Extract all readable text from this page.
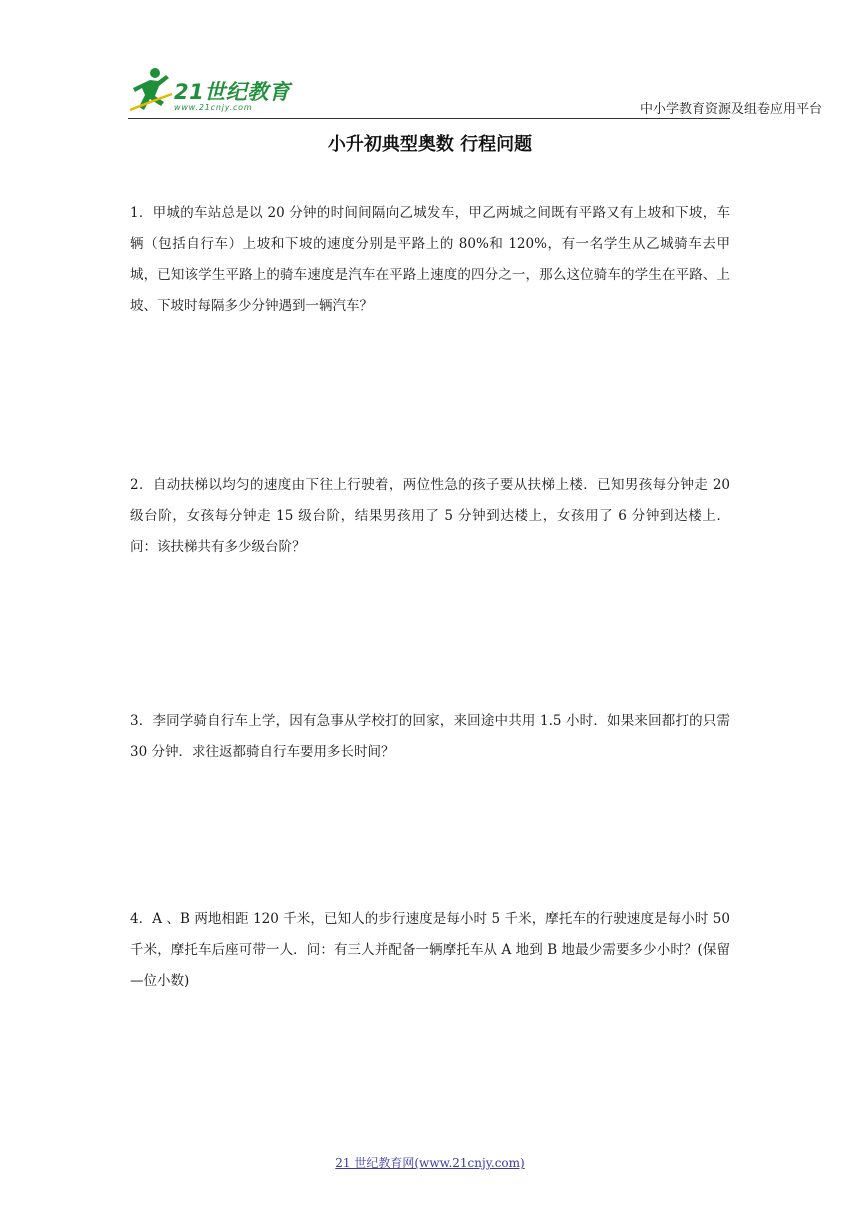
21世纪教育
www.21cnjy.com	中小学教育资源及组卷应用平台
小升初典型奥数 行程问题
1．甲城的车站总是以 20 分钟的时间间隔向乙城发车，甲乙两城之间既有平路又有上坡和下坡，车辆（包括自行车）上坡和下坡的速度分别是平路上的 80%和 120%，有一名学生从乙城骑车去甲城，已知该学生平路上的骑车速度是汽车在平路上速度的四分之一，那么这位骑车的学生在平路、上坡、下坡时每隔多少分钟遇到一辆汽车？
2．自动扶梯以均匀的速度由下往上行驶着，两位性急的孩子要从扶梯上楼．已知男孩每分钟走 20 级台阶，女孩每分钟走 15 级台阶，结果男孩用了 5 分钟到达楼上，女孩用了 6 分钟到达楼上．问：该扶梯共有多少级台阶？
3．李同学骑自行车上学，因有急事从学校打的回家，来回途中共用 1.5 小时．如果来回都打的只需 30 分钟．求往返都骑自行车要用多长时间？
4．A 、B 两地相距 120 千米，已知人的步行速度是每小时 5 千米，摩托车的行驶速度是每小时 50 千米，摩托车后座可带一人．问：有三人并配备一辆摩托车从 A 地到 B 地最少需要多少小时？(保留—位小数)
21 世纪教育网(www.21cnjy.com)
